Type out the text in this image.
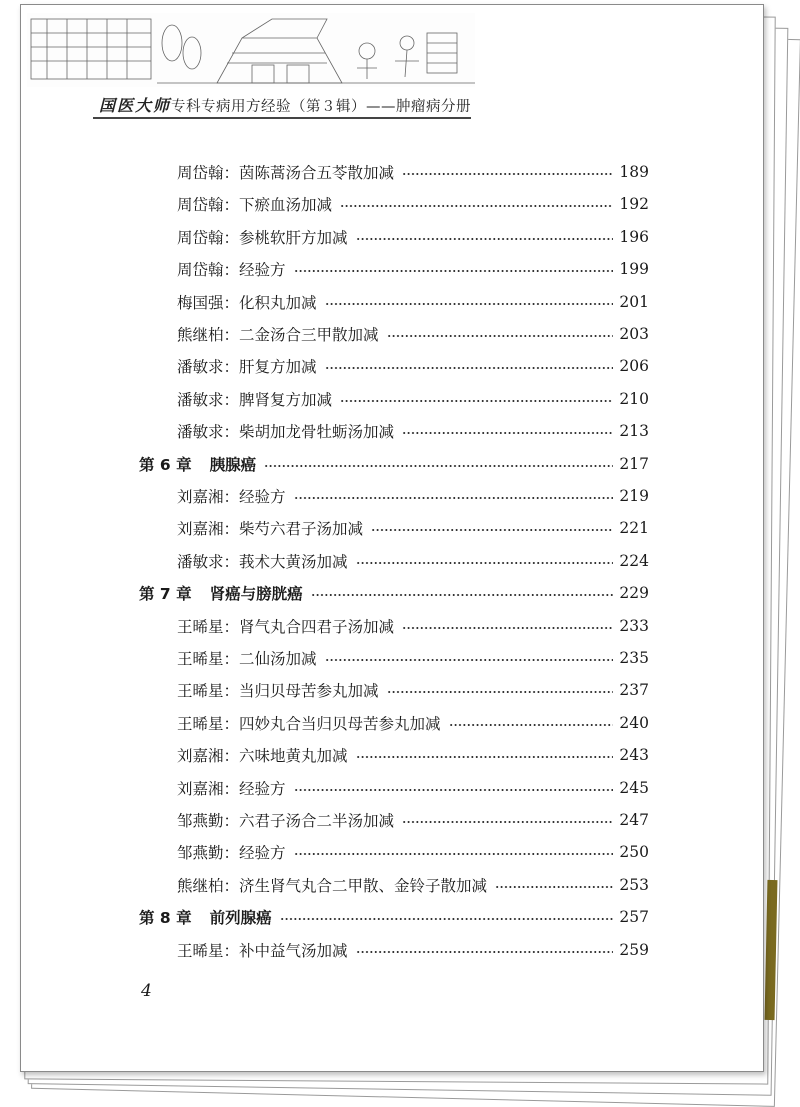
国医大师专科专病用方经验（第３辑）——肿瘤病分册
周岱翰：茵陈蒿汤合五苓散加减	189
周岱翰：下瘀血汤加减	192
周岱翰：参桃软肝方加减	196
周岱翰：经验方	199
梅国强：化积丸加减	201
熊继柏：二金汤合三甲散加减	203
潘敏求：肝复方加减	206
潘敏求：脾肾复方加减	210
潘敏求：柴胡加龙骨牡蛎汤加减	213
第 6 章 胰腺癌	217
刘嘉湘：经验方	219
刘嘉湘：柴芍六君子汤加减	221
潘敏求：莪术大黄汤加减	224
第 7 章 肾癌与膀胱癌	229
王晞星：肾气丸合四君子汤加减	233
王晞星：二仙汤加减	235
王晞星：当归贝母苦参丸加减	237
王晞星：四妙丸合当归贝母苦参丸加减	240
刘嘉湘：六味地黄丸加减	243
刘嘉湘：经验方	245
邹燕勤：六君子汤合二半汤加减	247
邹燕勤：经验方	250
熊继柏：济生肾气丸合二甲散、金铃子散加减	253
第 8 章 前列腺癌	257
王晞星：补中益气汤加减	259
4
